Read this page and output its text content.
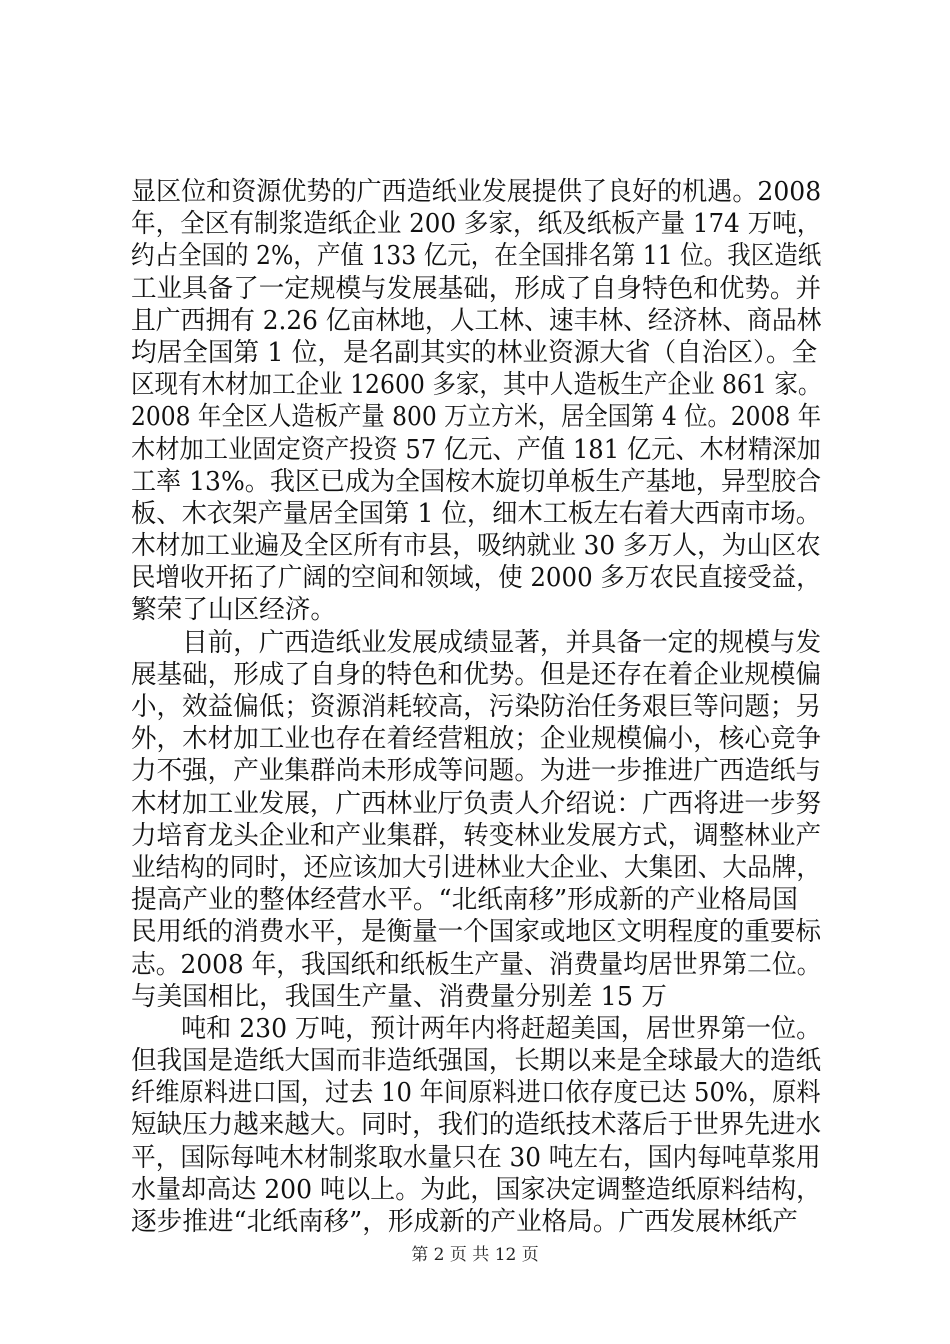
显区位和资源优势的广西造纸业发展提供了良好的机遇。2008
年，全区有制浆造纸企业 200 多家，纸及纸板产量 174 万吨，
约占全国的 2%，产值 133 亿元，在全国排名第 11 位。我区造纸
工业具备了一定规模与发展基础，形成了自身特色和优势。并
且广西拥有 2.26 亿亩林地，人工林、速丰林、经济林、商品林
均居全国第 1 位，是名副其实的林业资源大省（自治区）。全
区现有木材加工企业 12600 多家，其中人造板生产企业 861 家。
2008 年全区人造板产量 800 万立方米，居全国第 4 位。2008 年
木材加工业固定资产投资 57 亿元、产值 181 亿元、木材精深加
工率 13%。我区已成为全国桉木旋切单板生产基地，异型胶合
板、木衣架产量居全国第 1 位，细木工板左右着大西南市场。
木材加工业遍及全区所有市县，吸纳就业 30 多万人，为山区农
民增收开拓了广阔的空间和领域，使 2000 多万农民直接受益，
繁荣了山区经济。
　　目前，广西造纸业发展成绩显著，并具备一定的规模与发
展基础，形成了自身的特色和优势。但是还存在着企业规模偏
小，效益偏低；资源消耗较高，污染防治任务艰巨等问题；另
外，木材加工业也存在着经营粗放；企业规模偏小，核心竞争
力不强，产业集群尚未形成等问题。为进一步推进广西造纸与
木材加工业发展，广西林业厅负责人介绍说：广西将进一步努
力培育龙头企业和产业集群，转变林业发展方式，调整林业产
业结构的同时，还应该加大引进林业大企业、大集团、大品牌，
提高产业的整体经营水平。“北纸南移”形成新的产业格局国
民用纸的消费水平，是衡量一个国家或地区文明程度的重要标
志。2008 年，我国纸和纸板生产量、消费量均居世界第二位。
与美国相比，我国生产量、消费量分别差 15 万
　　吨和 230 万吨，预计两年内将赶超美国，居世界第一位。
但我国是造纸大国而非造纸强国，长期以来是全球最大的造纸
纤维原料进口国，过去 10 年间原料进口依存度已达 50%，原料
短缺压力越来越大。同时，我们的造纸技术落后于世界先进水
平，国际每吨木材制浆取水量只在 30 吨左右，国内每吨草浆用
水量却高达 200 吨以上。为此，国家决定调整造纸原料结构，
逐步推进“北纸南移”，形成新的产业格局。广西发展林纸产
第 2 页 共 12 页
